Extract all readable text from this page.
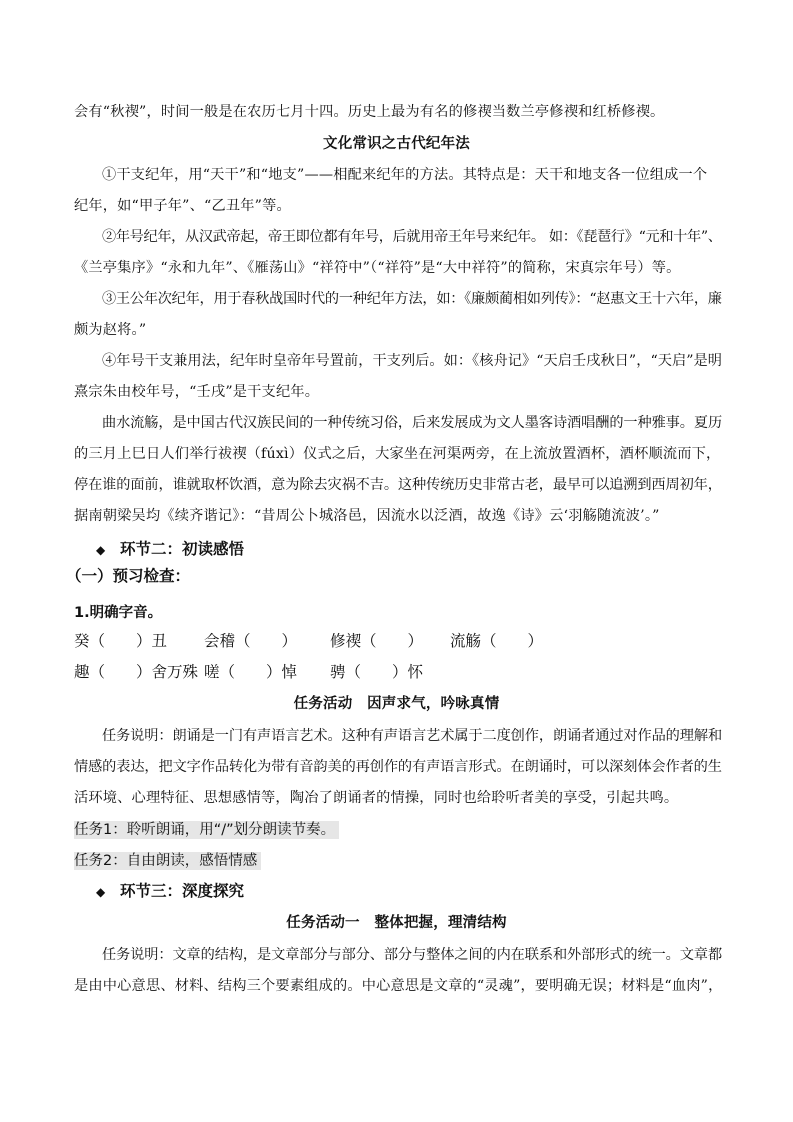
会有“秋禊”，时间一般是在农历七月十四。历史上最为有名的修禊当数兰亭修禊和红桥修禊。
文化常识之古代纪年法
①干支纪年，用“天干”和“地支”——相配来纪年的方法。其特点是：天干和地支各一位组成一个
纪年，如“甲子年”、“乙丑年”等。
②年号纪年，从汉武帝起，帝王即位都有年号，后就用帝王年号来纪年。 如：《琵琶行》“元和十年”、
《兰亭集序》“永和九年”、《雁荡山》“祥符中”（“祥符”是“大中祥符”的简称，宋真宗年号）等。
③王公年次纪年，用于春秋战国时代的一种纪年方法，如：《廉颇蔺相如列传》：“赵惠文王十六年，廉
颇为赵将。”
④年号干支兼用法，纪年时皇帝年号置前，干支列后。如：《核舟记》“天启壬戌秋日”，“天启”是明
熹宗朱由校年号，“壬戌”是干支纪年。
曲水流觞，是中国古代汉族民间的一种传统习俗，后来发展成为文人墨客诗酒唱酬的一种雅事。夏历
的三月上巳日人们举行祓禊（fúxì）仪式之后，大家坐在河渠两旁，在上流放置酒杯，酒杯顺流而下，
停在谁的面前，谁就取杯饮酒，意为除去灾祸不吉。这种传统历史非常古老，最早可以追溯到西周初年，
据南朝梁吴均《续齐谐记》：“昔周公卜城洛邑，因流水以泛酒，故逸《诗》云‘羽觞随流波’。”
◆ 环节二：初读感悟
（一）预习检查：
1.明确字音。
癸（　　）丑 会稽（　　） 修禊（　　） 流觞（　　）
趣（　　）舍万殊 嗟（　　）悼 骋（　　）怀
任务活动　因声求气，吟咏真情
任务说明：朗诵是一门有声语言艺术。这种有声语言艺术属于二度创作，朗诵者通过对作品的理解和
情感的表达，把文字作品转化为带有音韵美的再创作的有声语言形式。在朗诵时，可以深刻体会作者的生
活环境、心理特征、思想感情等，陶冶了朗诵者的情操，同时也给聆听者美的享受，引起共鸣。
任务1：聆听朗诵，用“/”划分朗读节奏。
任务2：自由朗读，感悟情感
◆ 环节三：深度探究
任务活动一　整体把握，理清结构
任务说明：文章的结构，是文章部分与部分、部分与整体之间的内在联系和外部形式的统一。文章都
是由中心意思、材料、结构三个要素组成的。中心意思是文章的“灵魂”，要明确无误；材料是“血肉”，
